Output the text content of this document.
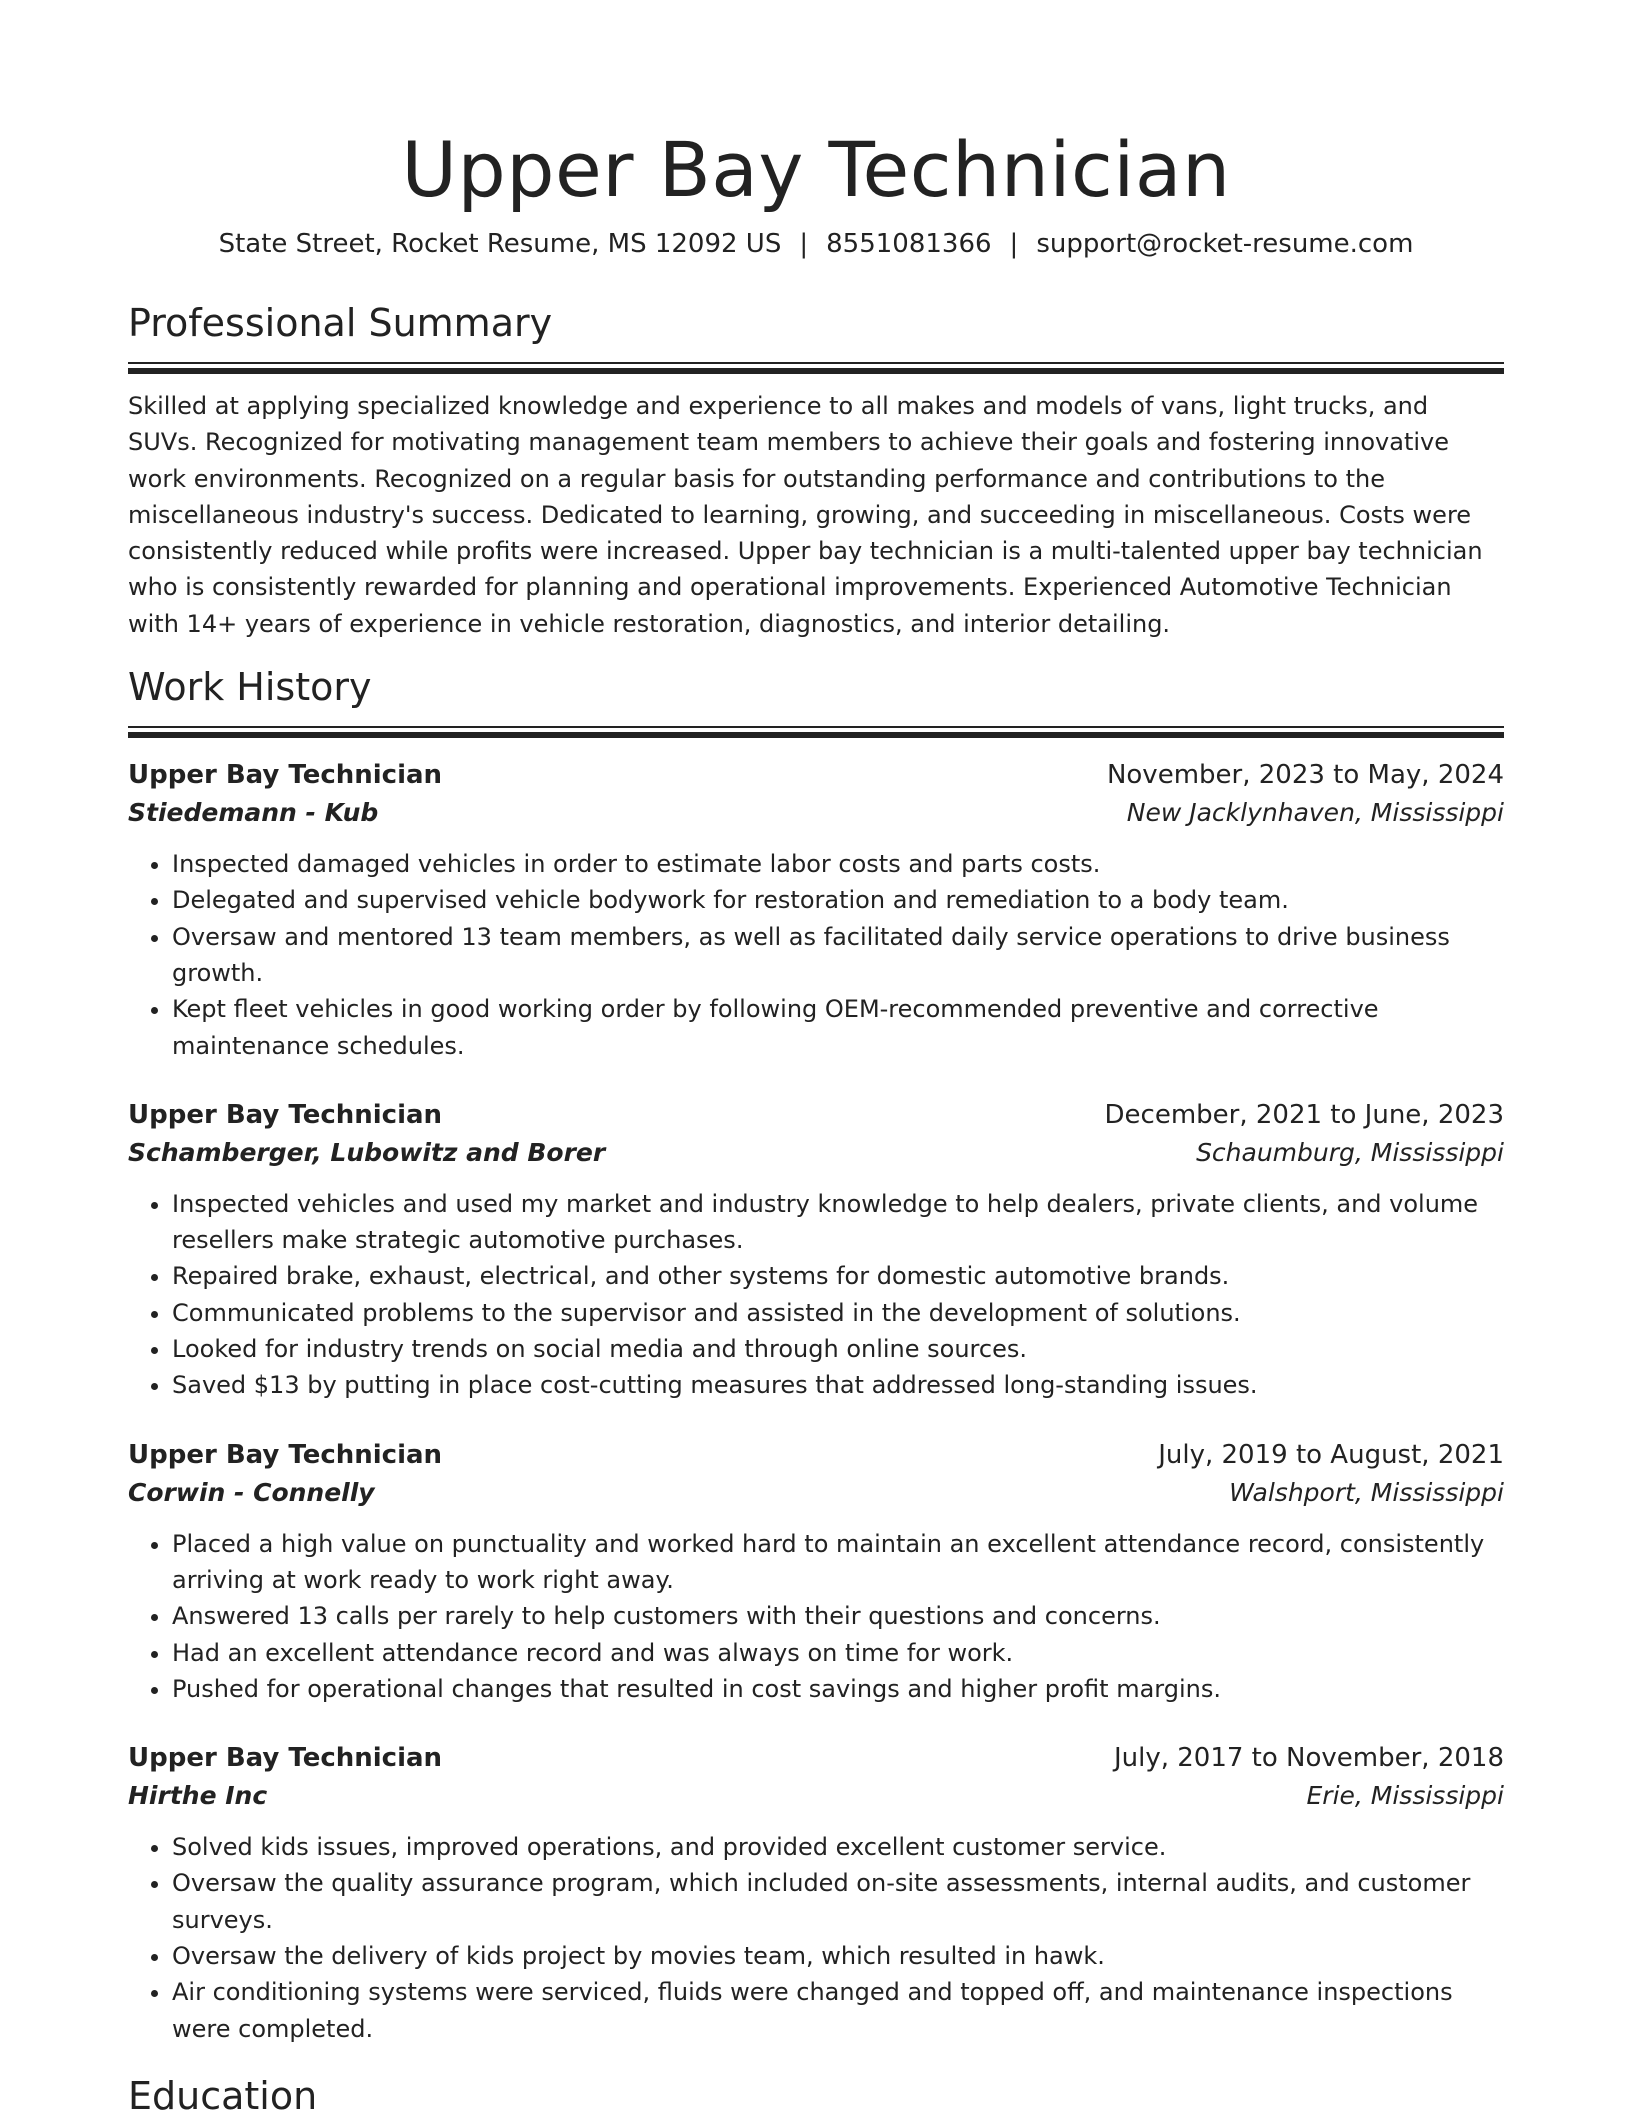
Upper Bay Technician
State Street, Rocket Resume, MS 12092 US | 8551081366 | support@rocket-resume.com
Professional Summary
Skilled at applying specialized knowledge and experience to all makes and models of vans, light trucks, and SUVs. Recognized for motivating management team members to achieve their goals and fostering innovative work environments. Recognized on a regular basis for outstanding performance and contributions to the miscellaneous industry's success. Dedicated to learning, growing, and succeeding in miscellaneous. Costs were consistently reduced while profits were increased. Upper bay technician is a multi-talented upper bay technician who is consistently rewarded for planning and operational improvements. Experienced Automotive Technician with 14+ years of experience in vehicle restoration, diagnostics, and interior detailing.
Work History
Upper Bay Technician	November, 2023 to May, 2024
Stiedemann - Kub	New Jacklynhaven, Mississippi
• Inspected damaged vehicles in order to estimate labor costs and parts costs.
• Delegated and supervised vehicle bodywork for restoration and remediation to a body team.
• Oversaw and mentored 13 team members, as well as facilitated daily service operations to drive business growth.
• Kept fleet vehicles in good working order by following OEM-recommended preventive and corrective maintenance schedules.
Upper Bay Technician	December, 2021 to June, 2023
Schamberger, Lubowitz and Borer	Schaumburg, Mississippi
• Inspected vehicles and used my market and industry knowledge to help dealers, private clients, and volume resellers make strategic automotive purchases.
• Repaired brake, exhaust, electrical, and other systems for domestic automotive brands.
• Communicated problems to the supervisor and assisted in the development of solutions.
• Looked for industry trends on social media and through online sources.
• Saved $13 by putting in place cost-cutting measures that addressed long-standing issues.
Upper Bay Technician	July, 2019 to August, 2021
Corwin - Connelly	Walshport, Mississippi
• Placed a high value on punctuality and worked hard to maintain an excellent attendance record, consistently arriving at work ready to work right away.
• Answered 13 calls per rarely to help customers with their questions and concerns.
• Had an excellent attendance record and was always on time for work.
• Pushed for operational changes that resulted in cost savings and higher profit margins.
Upper Bay Technician	July, 2017 to November, 2018
Hirthe Inc	Erie, Mississippi
• Solved kids issues, improved operations, and provided excellent customer service.
• Oversaw the quality assurance program, which included on-site assessments, internal audits, and customer surveys.
• Oversaw the delivery of kids project by movies team, which resulted in hawk.
• Air conditioning systems were serviced, fluids were changed and topped off, and maintenance inspections were completed.
Education
